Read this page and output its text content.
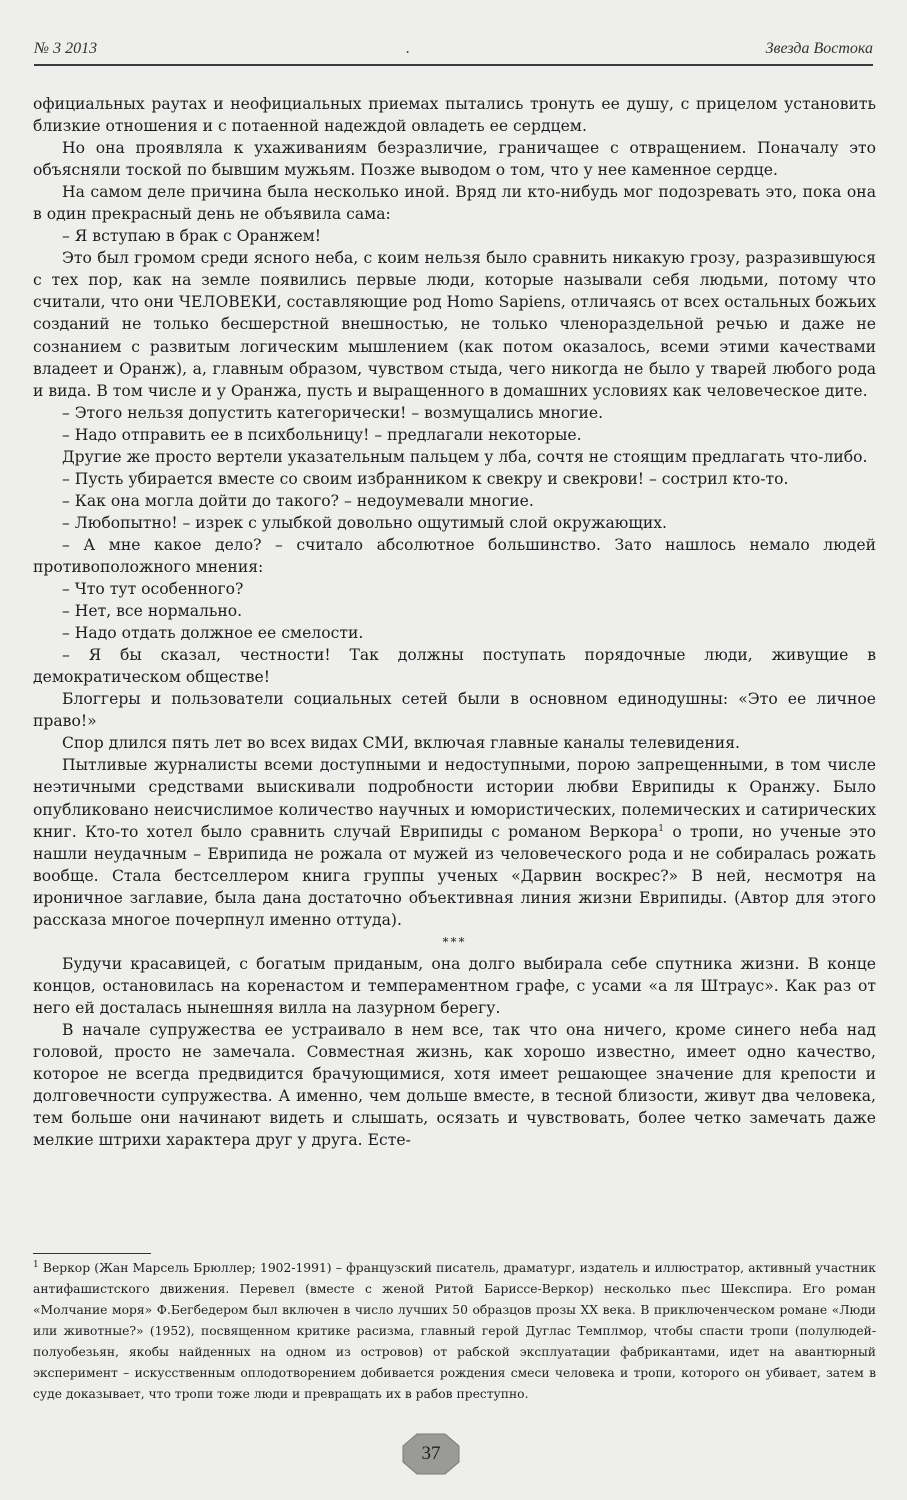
№ 3 2013	.	Звезда Востока

официальных раутах и неофициальных приемах пытались тронуть ее душу, с прицелом установить близкие отношения и с потаенной надеждой овладеть ее сердцем.

Но она проявляла к ухаживаниям безразличие, граничащее с отвращением. Поначалу это объясняли тоской по бывшим мужьям. Позже выводом о том, что у нее каменное сердце.

На самом деле причина была несколько иной. Вряд ли кто-нибудь мог подозревать это, пока она в один прекрасный день не объявила сама:

– Я вступаю в брак с Оранжем!

Это был громом среди ясного неба, с коим нельзя было сравнить никакую грозу, разразившуюся с тех пор, как на земле появились первые люди, которые называли себя людьми, потому что считали, что они ЧЕЛОВЕКИ, составляющие род Homo Sapiens, отличаясь от всех остальных божьих созданий не только бесшерстной внешностью, не только членораздельной речью и даже не сознанием с развитым логическим мышлением (как потом оказалось, всеми этими качествами владеет и Оранж), а, главным образом, чувством стыда, чего никогда не было у тварей любого рода и вида. В том числе и у Оранжа, пусть и выращенного в домашних условиях как человеческое дите.

– Этого нельзя допустить категорически! – возмущались многие.

– Надо отправить ее в психбольницу! – предлагали некоторые.

Другие же просто вертели указательным пальцем у лба, сочтя не стоящим предлагать что-либо.

– Пусть убирается вместе со своим избранником к свекру и свекрови! – сострил кто-то.

– Как она могла дойти до такого? – недоумевали многие.

– Любопытно! – изрек с улыбкой довольно ощутимый слой окружающих.

– А мне какое дело? – считало абсолютное большинство. Зато нашлось немало людей противоположного мнения:

– Что тут особенного?

– Нет, все нормально.

– Надо отдать должное ее смелости.

– Я бы сказал, честности! Так должны поступать порядочные люди, живущие в демократическом обществе!

Блоггеры и пользователи социальных сетей были в основном единодушны: «Это ее личное право!»

Спор длился пять лет во всех видах СМИ, включая главные каналы телевидения.

Пытливые журналисты всеми доступными и недоступными, порою запрещенными, в том числе неэтичными средствами выискивали подробности истории любви Еврипиды к Оранжу. Было опубликовано неисчислимое количество научных и юмористических, полемических и сатирических книг. Кто-то хотел было сравнить случай Еврипиды с романом Веркора$^1$ о тропи, но ученые это нашли неудачным – Еврипида не рожала от мужей из человеческого рода и не собиралась рожать вообще. Стала бестселлером книга группы ученых «Дарвин воскрес?» В ней, несмотря на ироничное заглавие, была дана достаточно объективная линия жизни Еврипиды. (Автор для этого рассказа многое почерпнул именно оттуда).

***

Будучи красавицей, с богатым приданым, она долго выбирала себе спутника жизни. В конце концов, остановилась на коренастом и темпераментном графе, с усами «а ля Штраус». Как раз от него ей досталась нынешняя вилла на лазурном берегу.

В начале супружества ее устраивало в нем все, так что она ничего, кроме синего неба над головой, просто не замечала. Совместная жизнь, как хорошо известно, имеет одно качество, которое не всегда предвидится брачующимися, хотя имеет решающее значение для крепости и долговечности супружества. А именно, чем дольше вместе, в тесной близости, живут два человека, тем больше они начинают видеть и слышать, осязать и чувствовать, более четко замечать даже мелкие штрихи характера друг у друга. Есте-

$^1$ Веркор (Жан Марсель Брюллер; 1902-1991) – французский писатель, драматург, издатель и иллюстратор, активный участник антифашистского движения. Перевел (вместе с женой Ритой Бариссе-Веркор) несколько пьес Шекспира. Его роман «Молчание моря» Ф.Бегбедером был включен в число лучших 50 образцов прозы XX века. В приключенческом романе «Люди или животные?» (1952), посвященном критике расизма, главный герой Дуглас Темплмор, чтобы спасти тропи (полулюдей-полуобезьян, якобы найденных на одном из островов) от рабской эксплуатации фабрикантами, идет на авантюрный эксперимент – искусственным оплодотворением добивается рождения смеси человека и тропи, которого он убивает, затем в суде доказывает, что тропи тоже люди и превращать их в рабов преступно.

37
